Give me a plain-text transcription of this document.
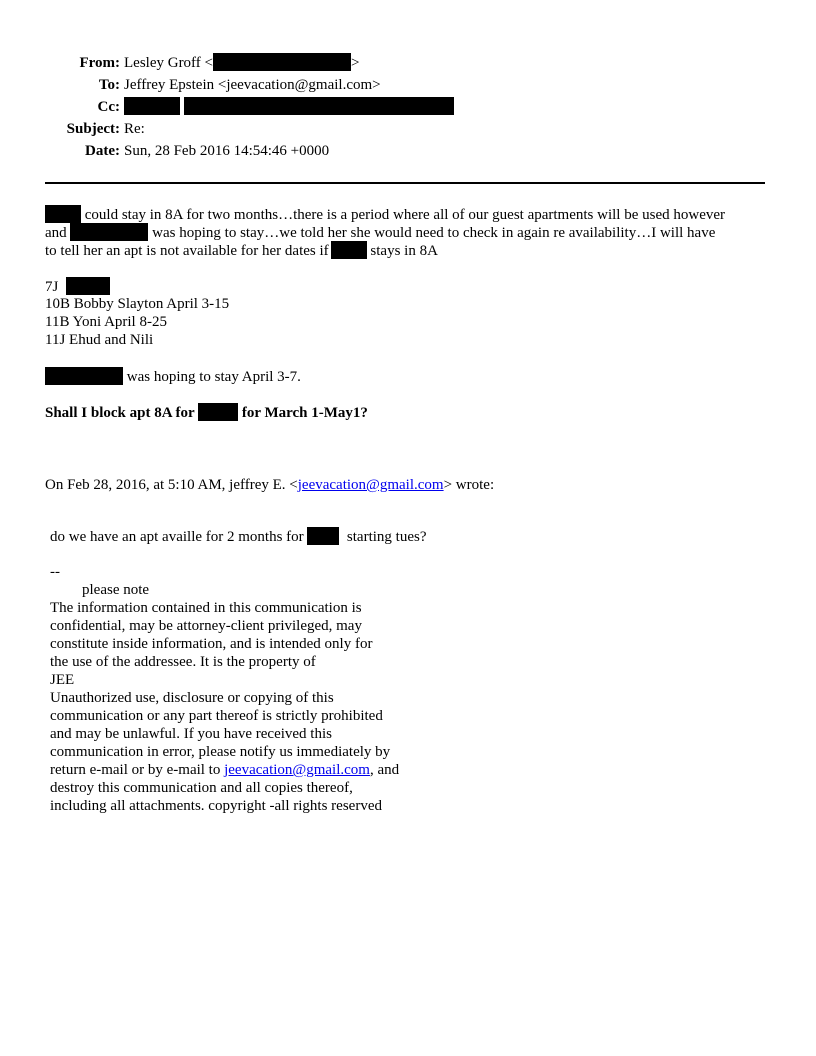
From: Lesley Groff <	>
To: Jeffrey Epstein <jeevacation@gmail.com>
Cc:
Subject: Re:
Date: Sun, 28 Feb 2016 14:54:46 +0000
could stay in 8A for two months…there is a period where all of our guest apartments will be used however
and	was hoping to stay…we told her she would need to check in again re availability…I will have
to tell her an apt is not available for her dates if	stays in 8A
7J
10B Bobby Slayton April 3-15
11B Yoni April 8-25
11J Ehud and Nili
was hoping to stay April 3-7.
Shall I block apt 8A for	for March 1-May1?
On Feb 28, 2016, at 5:10 AM, jeffrey E. <jeevacation@gmail.com> wrote:
do we have an apt availle for 2 months for	starting tues?
--
please note
The information contained in this communication is
confidential, may be attorney-client privileged, may
constitute inside information, and is intended only for
the use of the addressee. It is the property of
JEE
Unauthorized use, disclosure or copying of this
communication or any part thereof is strictly prohibited
and may be unlawful. If you have received this
communication in error, please notify us immediately by
return e-mail or by e-mail to jeevacation@gmail.com, and
destroy this communication and all copies thereof,
including all attachments. copyright -all rights reserved
